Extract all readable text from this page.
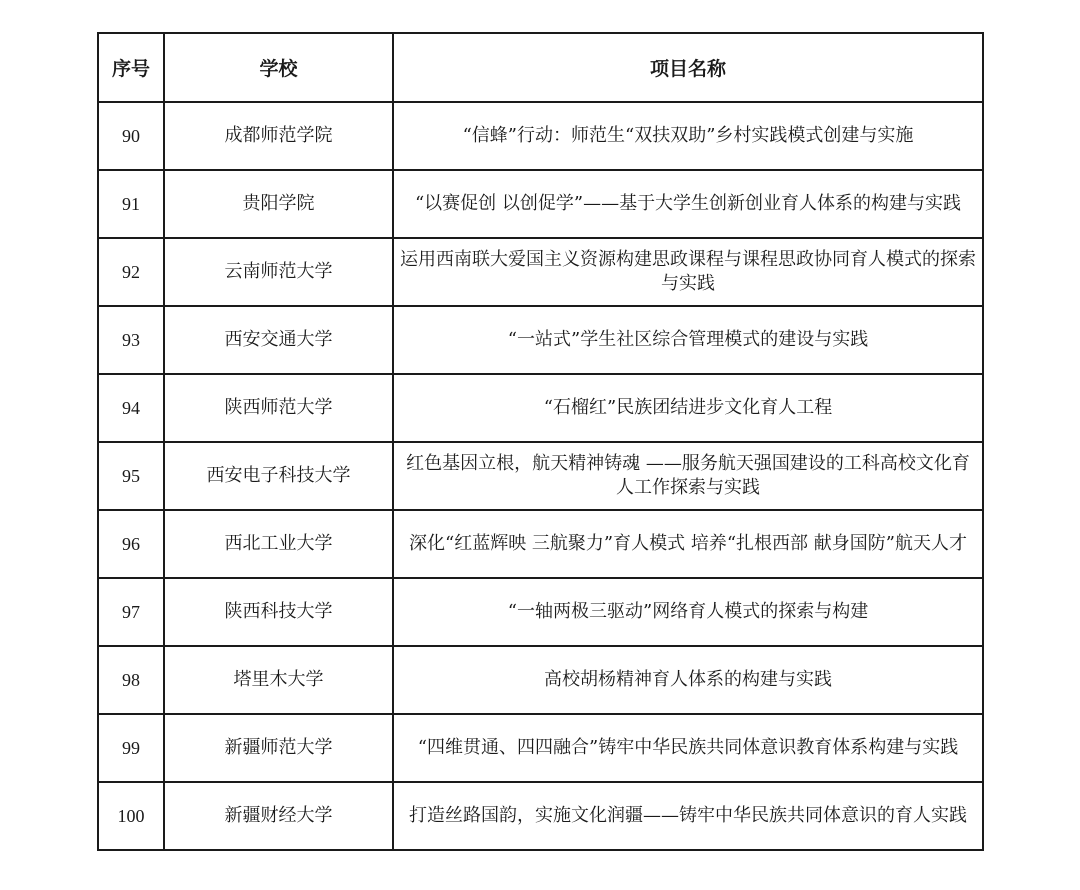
序号	学校	项目名称
90	成都师范学院	“信蜂”行动：师范生“双扶双助”乡村实践模式创建与实施
91	贵阳学院	“以赛促创 以创促学”——基于大学生创新创业育人体系的构建与实践
92	云南师范大学	运用西南联大爱国主义资源构建思政课程与课程思政协同育人模式的探索与实践
93	西安交通大学	“一站式”学生社区综合管理模式的建设与实践
94	陕西师范大学	“石榴红”民族团结进步文化育人工程
95	西安电子科技大学	红色基因立根，航天精神铸魂 ——服务航天强国建设的工科高校文化育人工作探索与实践
96	西北工业大学	深化“红蓝辉映 三航聚力”育人模式 培养“扎根西部 献身国防”航天人才
97	陕西科技大学	“一轴两极三驱动”网络育人模式的探索与构建
98	塔里木大学	高校胡杨精神育人体系的构建与实践
99	新疆师范大学	“四维贯通、四四融合”铸牢中华民族共同体意识教育体系构建与实践
100	新疆财经大学	打造丝路国韵，实施文化润疆——铸牢中华民族共同体意识的育人实践
